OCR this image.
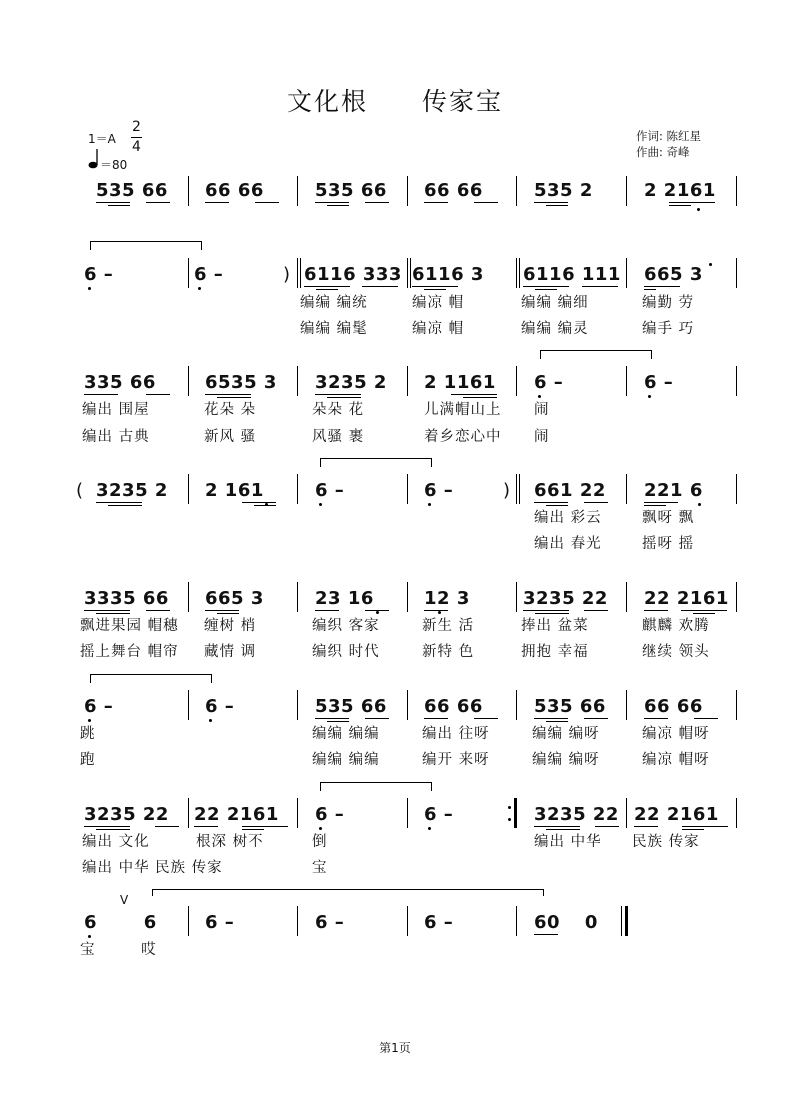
文化根　　传家宝
1＝A
2
4
＝80
作词: 陈红星
作曲: 奇峰
535 66 66 66	535 66 66 66	535 2	2 2161
6 –	6 –	) 6116 333 6116 3 6116 111 665 3
编编 编统	编凉 帽	编编 编细	编勤 劳
编编 编髦	编凉 帽	编编 编灵	编手 巧
335 66	6535 3 3235 2 2 1161 6 –	6 –
编出 围屋	花朵 朵	朵朵 花	儿满帽山上 闹
编出 古典	新风 骚	风骚 裹	着乡恋心中 闹
( 3235 2 2 161	6 –	6 –	) 661 22 221 6
编出 彩云	飘呀 飘
编出 春光	摇呀 摇
3335 66 665 3	23 16	12 3	3235 22 22 2161
飘进果园 帽穗 缠树 梢	编织 客家	新生 活	捧出 盆菜	麒麟 欢腾
摇上舞台 帽帘 藏情 调	编织 时代	新特 色	拥抱 幸福	继续 领头
6 –	6 –	535 66 66 66	535 66 66 66
跳	编编 编编	编出 往呀	编编 编呀	编凉 帽呀
跑	编编 编编	编开 来呀	编编 编呀	编凉 帽呀
3235 22 22 2161 6 –	6 –	3235 22 22 2161
编出 文化	根深 树不	倒	编出 中华 民族 传家
编出 中华 民族 传家	宝
V
6 6	6 –	6 –	6 –	60 0
宝 哎
第1页
